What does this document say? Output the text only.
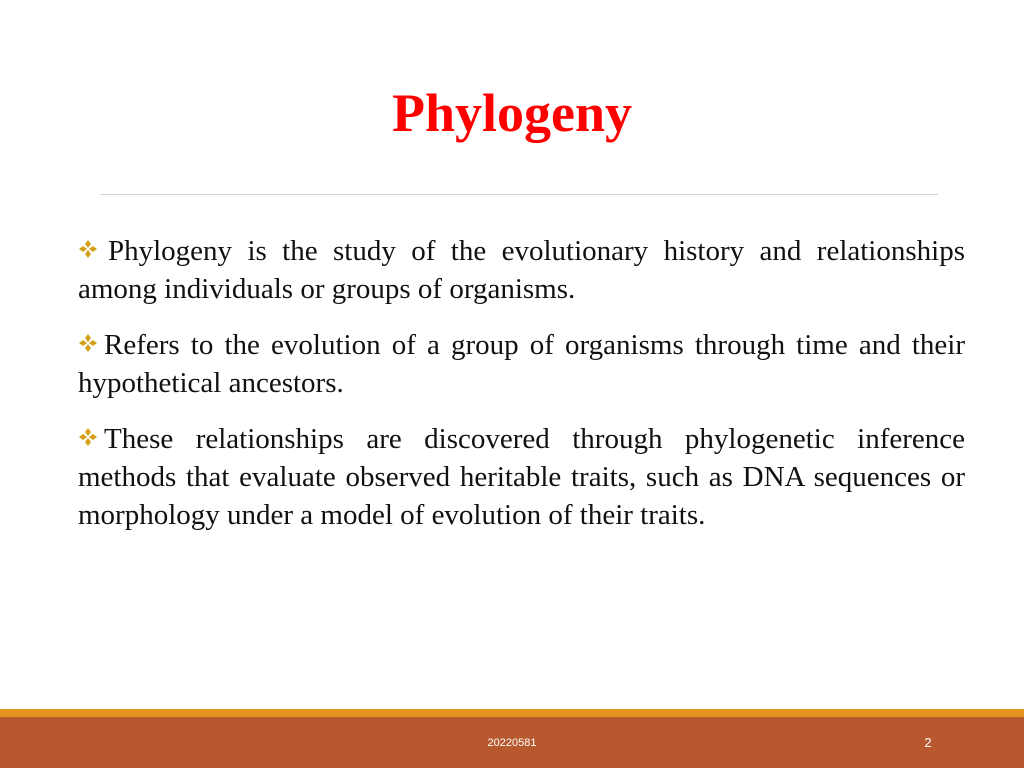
Phylogeny
Phylogeny is the study of the evolutionary history and relationships among individuals or groups of organisms.
Refers to the evolution of a group of organisms through time and their hypothetical ancestors.
These relationships are discovered through phylogenetic inference methods that evaluate observed heritable traits, such as DNA sequences or morphology under a model of evolution of their traits.
20220581	2
